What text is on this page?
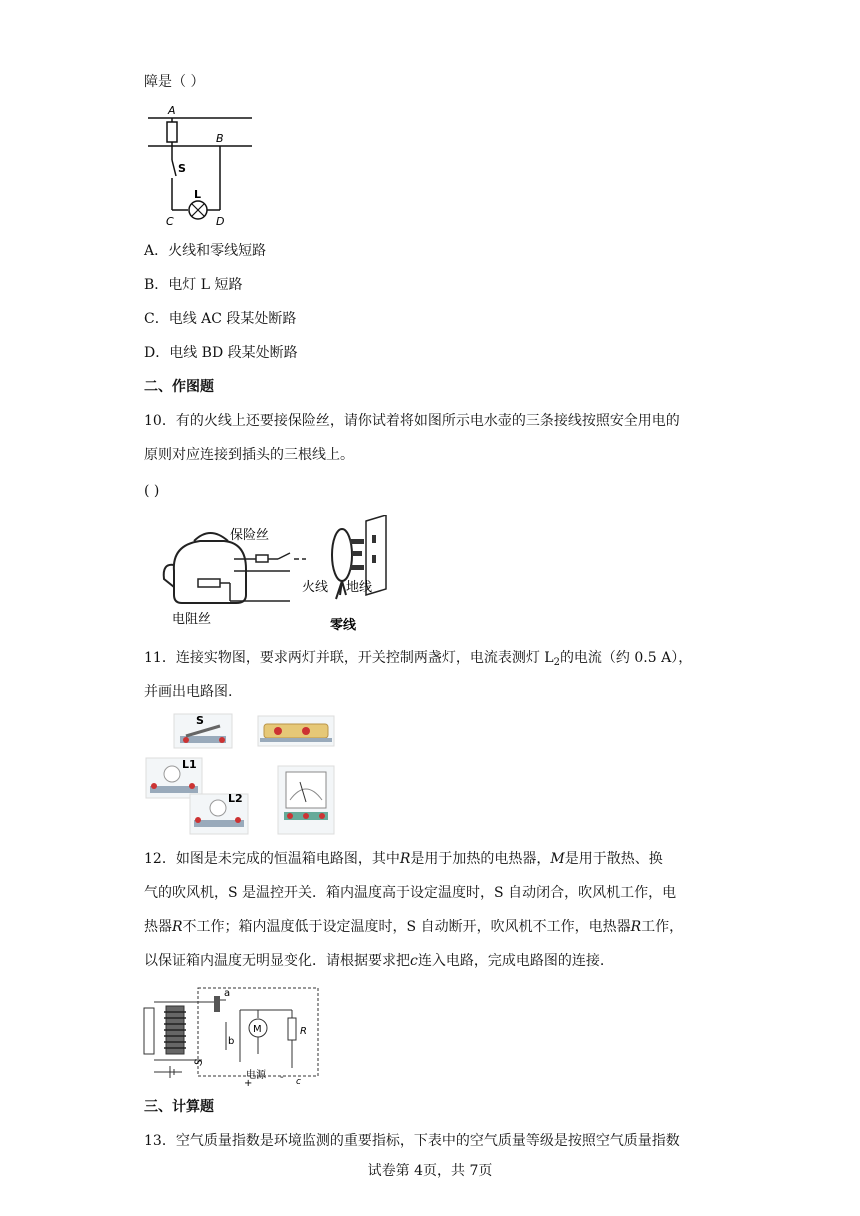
障是（ ）
A
B
S
L
C	D
A．火线和零线短路
B．电灯 L 短路
C．电线 AC 段某处断路
D．电线 BD 段某处断路
二、作图题
10．有的火线上还要接保险丝，请你试着将如图所示电水壶的三条接线按照安全用电的
原则对应连接到插头的三根线上。
( )
保险丝
电阻丝
火线 地线
零线
11．连接实物图，要求两灯并联，开关控制两盏灯，电流表测灯 $L_2$的电流（约 0.5 A），
并画出电路图.
S
L1
L2
12．如图是未完成的恒温箱电路图，其中R是用于加热的电热器，M是用于散热、换
气的吹风机，S 是温控开关．箱内温度高于设定温度时，S 自动闭合，吹风机工作，电
热器R不工作；箱内温度低于设定温度时，S 自动断开，吹风机不工作，电热器R工作，
以保证箱内温度无明显变化．请根据要求把c连入电路，完成电路图的连接.
a
b
M	R
S
电源
c
+
-
三、计算题
13．空气质量指数是环境监测的重要指标，下表中的空气质量等级是按照空气质量指数
试卷第 4页，共 7页
